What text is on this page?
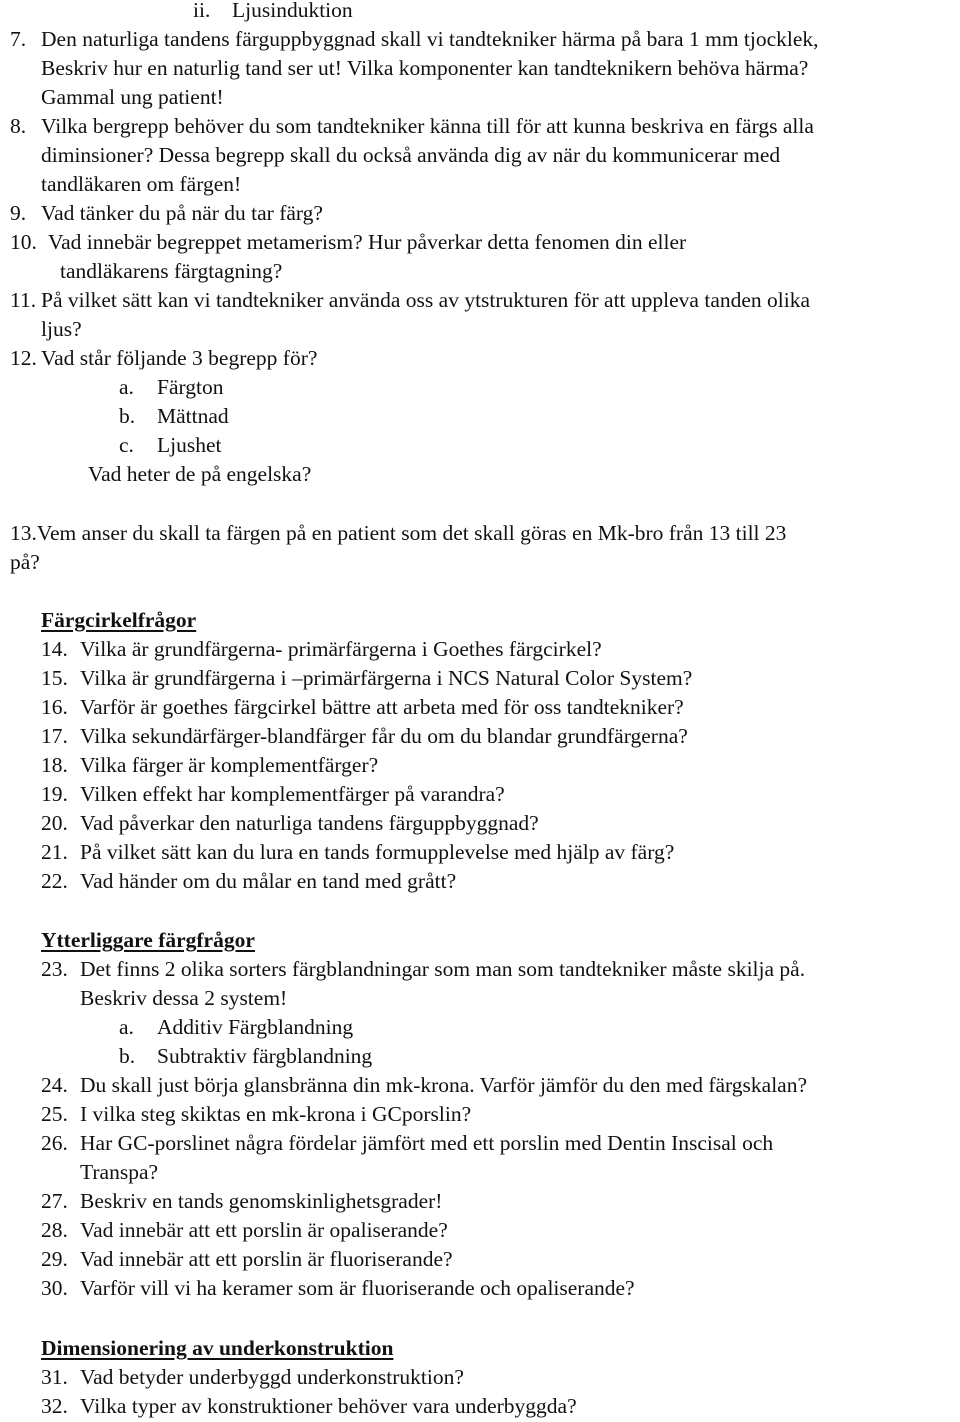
ii. Ljusinduktion
7. Den naturliga tandens färguppbyggnad skall vi tandtekniker härma på bara 1 mm tjocklek,
Beskriv hur en naturlig tand ser ut! Vilka komponenter kan tandteknikern behöva härma?
Gammal ung patient!
8. Vilka bergrepp behöver du som tandtekniker känna till för att kunna beskriva en färgs alla
diminsioner? Dessa begrepp skall du också använda dig av när du kommunicerar med
tandläkaren om färgen!
9. Vad tänker du på när du tar färg?
10. Vad innebär begreppet metamerism? Hur påverkar detta fenomen din eller
tandläkarens färgtagning?
11. På vilket sätt kan vi tandtekniker använda oss av ytstrukturen för att uppleva tanden olika
ljus?
12. Vad står följande 3 begrepp för?
a. Färgton
b. Mättnad
c. Ljushet
Vad heter de på engelska?
13.Vem anser du skall ta färgen på en patient som det skall göras en Mk-bro från 13 till 23
på?
Färgcirkelfrågor
14. Vilka är grundfärgerna- primärfärgerna i Goethes färgcirkel?
15. Vilka är grundfärgerna i –primärfärgerna i NCS Natural Color System?
16. Varför är goethes färgcirkel bättre att arbeta med för oss tandtekniker?
17. Vilka sekundärfärger-blandfärger får du om du blandar grundfärgerna?
18. Vilka färger är komplementfärger?
19. Vilken effekt har komplementfärger på varandra?
20. Vad påverkar den naturliga tandens färguppbyggnad?
21. På vilket sätt kan du lura en tands formupplevelse med hjälp av färg?
22. Vad händer om du målar en tand med grått?
Ytterliggare färgfrågor
23. Det finns 2 olika sorters färgblandningar som man som tandtekniker måste skilja på.
Beskriv dessa 2 system!
a. Additiv Färgblandning
b. Subtraktiv färgblandning
24. Du skall just börja glansbränna din mk-krona. Varför jämför du den med färgskalan?
25. I vilka steg skiktas en mk-krona i GCporslin?
26. Har GC-porslinet några fördelar jämfört med ett porslin med Dentin Inscisal och
Transpa?
27. Beskriv en tands genomskinlighetsgrader!
28. Vad innebär att ett porslin är opaliserande?
29. Vad innebär att ett porslin är fluoriserande?
30. Varför vill vi ha keramer som är fluoriserande och opaliserande?
Dimensionering av underkonstruktion
31. Vad betyder underbyggd underkonstruktion?
32. Vilka typer av konstruktioner behöver vara underbyggda?
